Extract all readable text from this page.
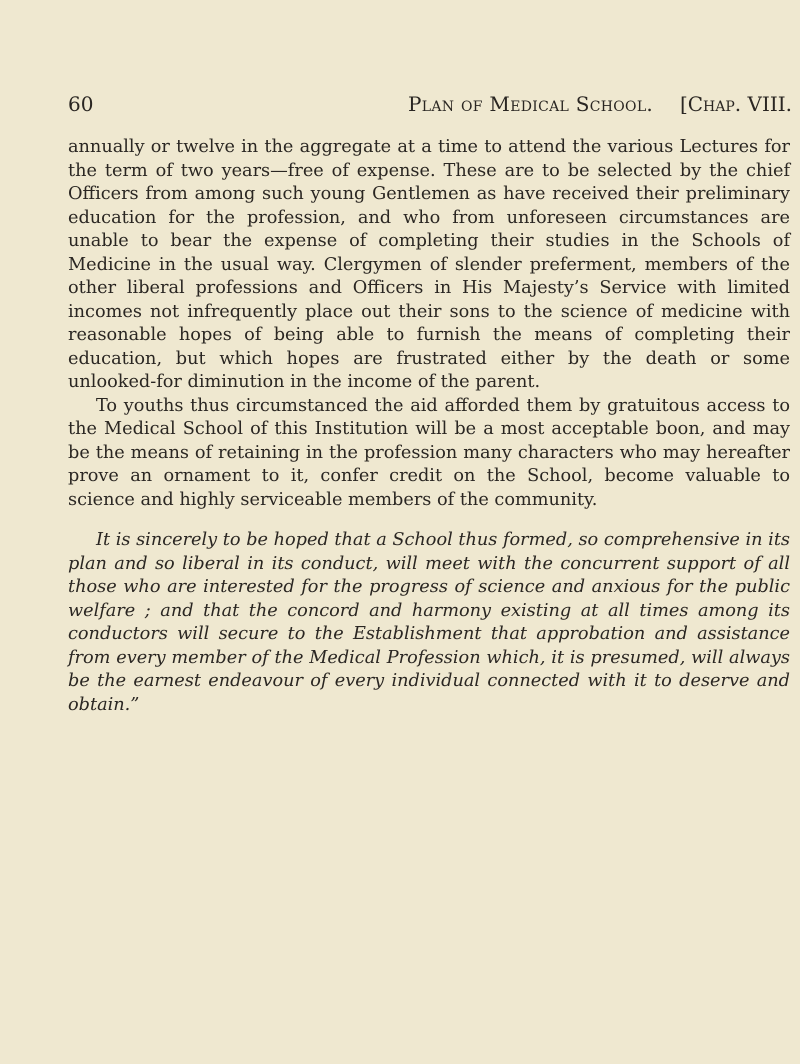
60	Plan of Medical School. [Chap. VIII.

annually or twelve in the aggregate at a time to attend the various Lectures for the term of two years—free of expense. These are to be selected by the chief Officers from among such young Gentlemen as have received their preliminary education for the profession, and who from unforeseen circumstances are unable to bear the expense of completing their studies in the Schools of Medicine in the usual way. Clergymen of slender preferment, members of the other liberal professions and Officers in His Majesty’s Service with limited incomes not infrequently place out their sons to the science of medicine with reasonable hopes of being able to furnish the means of completing their education, but which hopes are frustrated either by the death or some unlooked-for diminution in the income of the parent.

To youths thus circumstanced the aid afforded them by gratuitous access to the Medical School of this Institution will be a most acceptable boon, and may be the means of retaining in the profession many characters who may hereafter prove an ornament to it, confer credit on the School, become valuable to science and highly serviceable members of the community.

It is sincerely to be hoped that a School thus formed, so comprehensive in its plan and so liberal in its conduct, will meet with the concurrent support of all those who are interested for the progress of science and anxious for the public welfare ; and that the concord and harmony existing at all times among its conductors will secure to the Establishment that approbation and assistance from every member of the Medical Profession which, it is presumed, will always be the earnest endeavour of every individual connected with it to deserve and obtain.”
